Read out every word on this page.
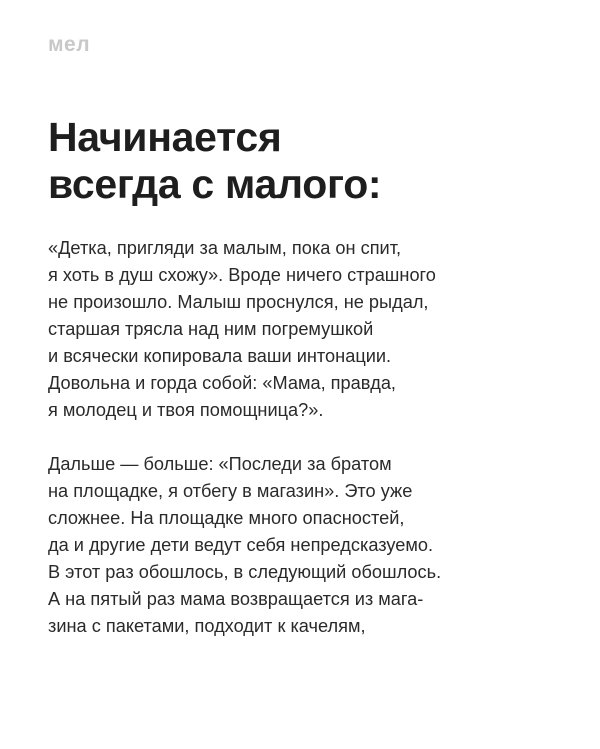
мел
Начинается
всегда с малого:

«Детка, пригляди за малым, пока он спит,
я хоть в душ схожу». Вроде ничего страшного
не произошло. Малыш проснулся, не рыдал,
старшая трясла над ним погремушкой
и всячески копировала ваши интонации.
Довольна и горда собой: «Мама, правда,
я молодец и твоя помощница?».

Дальше — больше: «Последи за братом
на площадке, я отбегу в магазин». Это уже
сложнее. На площадке много опасностей,
да и другие дети ведут себя непредсказуемо.
В этот раз обошлось, в следующий обошлось.
А на пятый раз мама возвращается из мага-
зина с пакетами, подходит к качелям,
